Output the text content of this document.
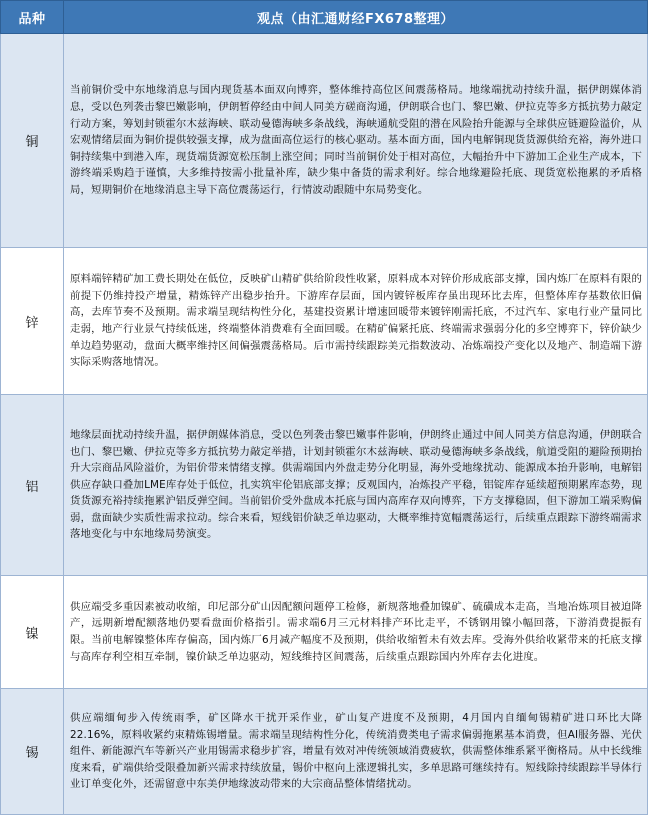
品种	观点（由汇通财经FX678整理）
铜	当前铜价受中东地缘消息与国内现货基本面双向博弈，整体维持高位区间震荡格局。地缘端扰动持续升温，据伊朗媒体消息，受以色列袭击黎巴嫩影响，伊朗暂停经由中间人同美方磋商沟通，伊朗联合也门、黎巴嫩、伊拉克等多方抵抗势力敲定行动方案，筹划封锁霍尔木兹海峡、联动曼德海峡多条战线，海峡通航受阻的潜在风险抬升能源与全球供应链避险溢价，从宏观情绪层面为铜价提供较强支撑，成为盘面高位运行的核心驱动。基本面方面，国内电解铜现货货源供给充裕，海外进口铜持续集中到港入库，现货端货源宽松压制上涨空间；同时当前铜价处于相对高位，大幅抬升中下游加工企业生产成本，下游终端采购趋于谨慎，大多维持按需小批量补库，缺少集中备货的需求利好。综合地缘避险托底、现货宽松拖累的矛盾格局，短期铜价在地缘消息主导下高位震荡运行，行情波动跟随中东局势变化。
锌	原料端锌精矿加工费长期处在低位，反映矿山精矿供给阶段性收紧，原料成本对锌价形成底部支撑，国内炼厂在原料有限的前提下仍维持投产增量，精炼锌产出稳步抬升。下游库存层面，国内镀锌板库存虽出现环比去库，但整体库存基数依旧偏高，去库节奏不及预期。需求端呈现结构性分化，基建投资累计增速回暖带来镀锌刚需托底，不过汽车、家电行业产量同比走弱，地产行业景气持续低迷，终端整体消费难有全面回暖。在精矿偏紧托底、终端需求强弱分化的多空博弈下，锌价缺少单边趋势驱动，盘面大概率维持区间偏强震荡格局。后市需持续跟踪美元指数波动、冶炼端投产变化以及地产、制造端下游实际采购落地情况。
铝	地缘层面扰动持续升温，据伊朗媒体消息，受以色列袭击黎巴嫩事件影响，伊朗终止通过中间人同美方信息沟通，伊朗联合也门、黎巴嫩、伊拉克等多方抵抗势力敲定举措，计划封锁霍尔木兹海峡、联动曼德海峡多条战线，航道受阻的避险预期抬升大宗商品风险溢价，为铝价带来情绪支撑。供需端国内外盘走势分化明显，海外受地缘扰动、能源成本抬升影响，电解铝供应存缺口叠加LME库存处于低位，扎实筑牢伦铝底部支撑；反观国内，冶炼投产平稳，铝锭库存延续超预期累库态势，现货货源充裕持续拖累沪铝反弹空间。当前铝价受外盘成本托底与国内高库存双向博弈，下方支撑稳固，但下游加工端采购偏弱，盘面缺少实质性需求拉动。综合来看，短线铝价缺乏单边驱动，大概率维持宽幅震荡运行，后续重点跟踪下游终端需求落地变化与中东地缘局势演变。
镍	供应端受多重因素被动收缩，印尼部分矿山因配额问题停工检修，新规落地叠加镍矿、硫磺成本走高，当地冶炼项目被迫降产，远期新增配额落地仍要看盘面价格指引。需求端6月三元材料排产环比走平，不锈钢用镍小幅回落，下游消费提振有限。当前电解镍整体库存偏高，国内炼厂6月减产幅度不及预期，供给收缩暂未有效去库。受海外供给收紧带来的托底支撑与高库存利空相互牵制，镍价缺乏单边驱动，短线维持区间震荡，后续重点跟踪国内外库存去化进度。
锡	供应端缅甸步入传统雨季，矿区降水干扰开采作业，矿山复产进度不及预期，4月国内自缅甸锡精矿进口环比大降22.16%，原料收紧约束精炼锡增量。需求端呈现结构性分化，传统消费类电子需求偏弱拖累基本消费，但AI服务器、光伏组件、新能源汽车等新兴产业用锡需求稳步扩容，增量有效对冲传统领域消费疲软，供需整体维系紧平衡格局。从中长线维度来看，矿端供给受限叠加新兴需求持续放量，锡价中枢向上涨逻辑扎实，多单思路可继续持有。短线除持续跟踪半导体行业订单变化外，还需留意中东美伊地缘波动带来的大宗商品整体情绪扰动。
